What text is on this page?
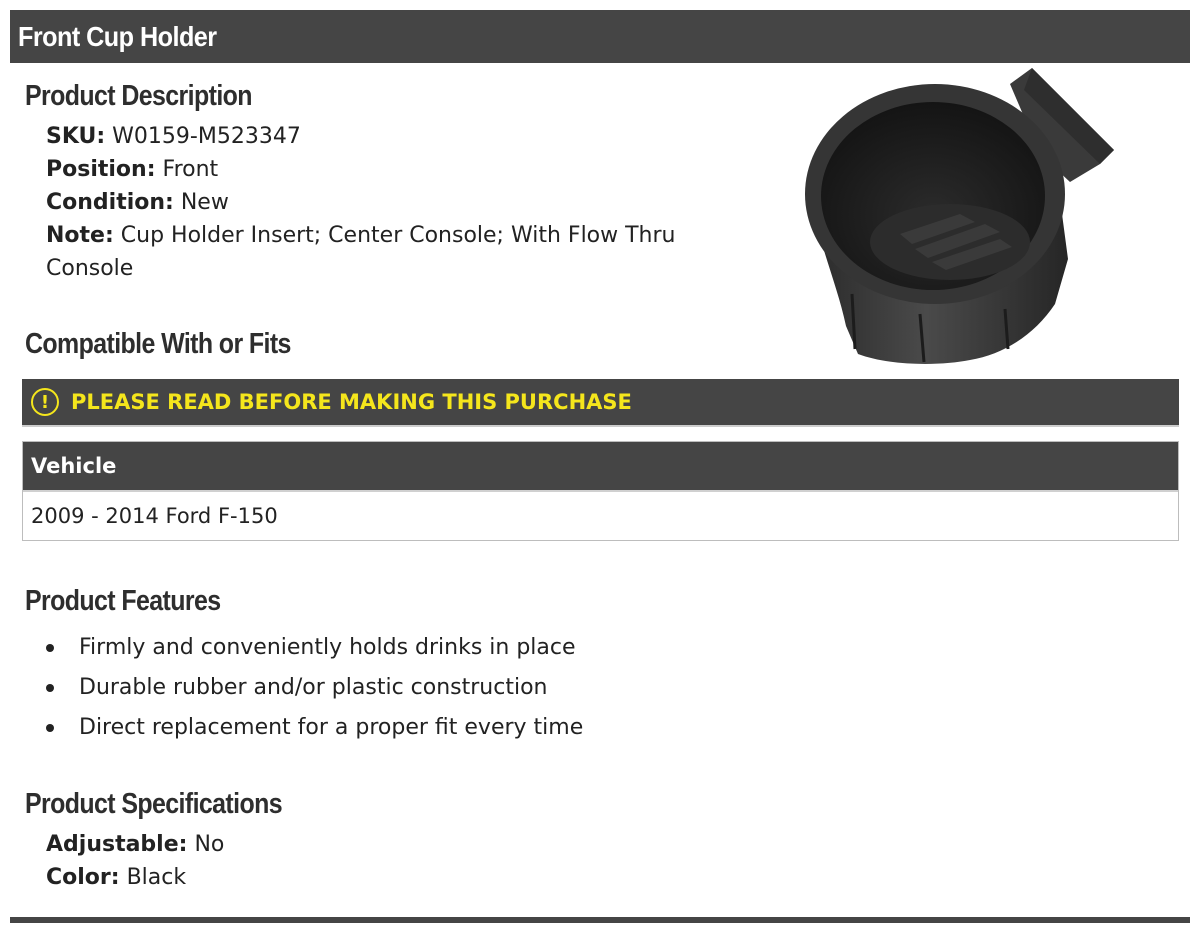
Front Cup Holder
Product Description
SKU: W0159-M523347
Position: Front
Condition: New
Note: Cup Holder Insert; Center Console; With Flow Thru Console
Compatible With or Fits
!	PLEASE READ BEFORE MAKING THIS PURCHASE
Vehicle
2009 - 2014 Ford F-150
Product Features
Firmly and conveniently holds drinks in place
Durable rubber and/or plastic construction
Direct replacement for a proper fit every time
Product Specifications
Adjustable: No
Color: Black
